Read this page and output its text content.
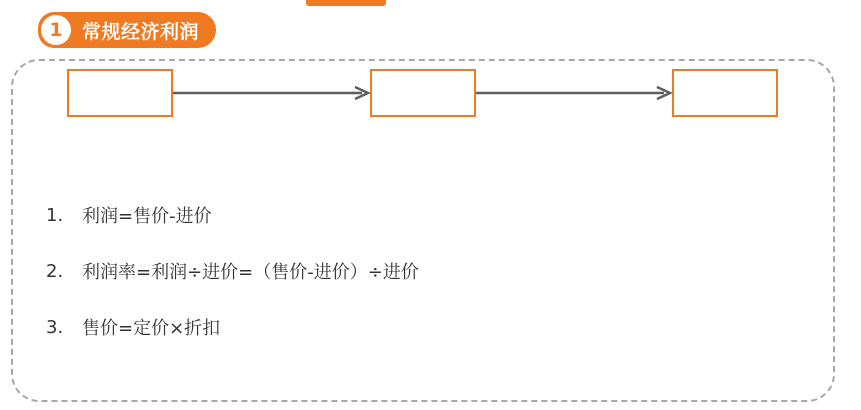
1	常规经济利润
1.	利润=售价-进价
2.	利润率=利润÷进价=（售价-进价）÷进价
3.	售价=定价×折扣
